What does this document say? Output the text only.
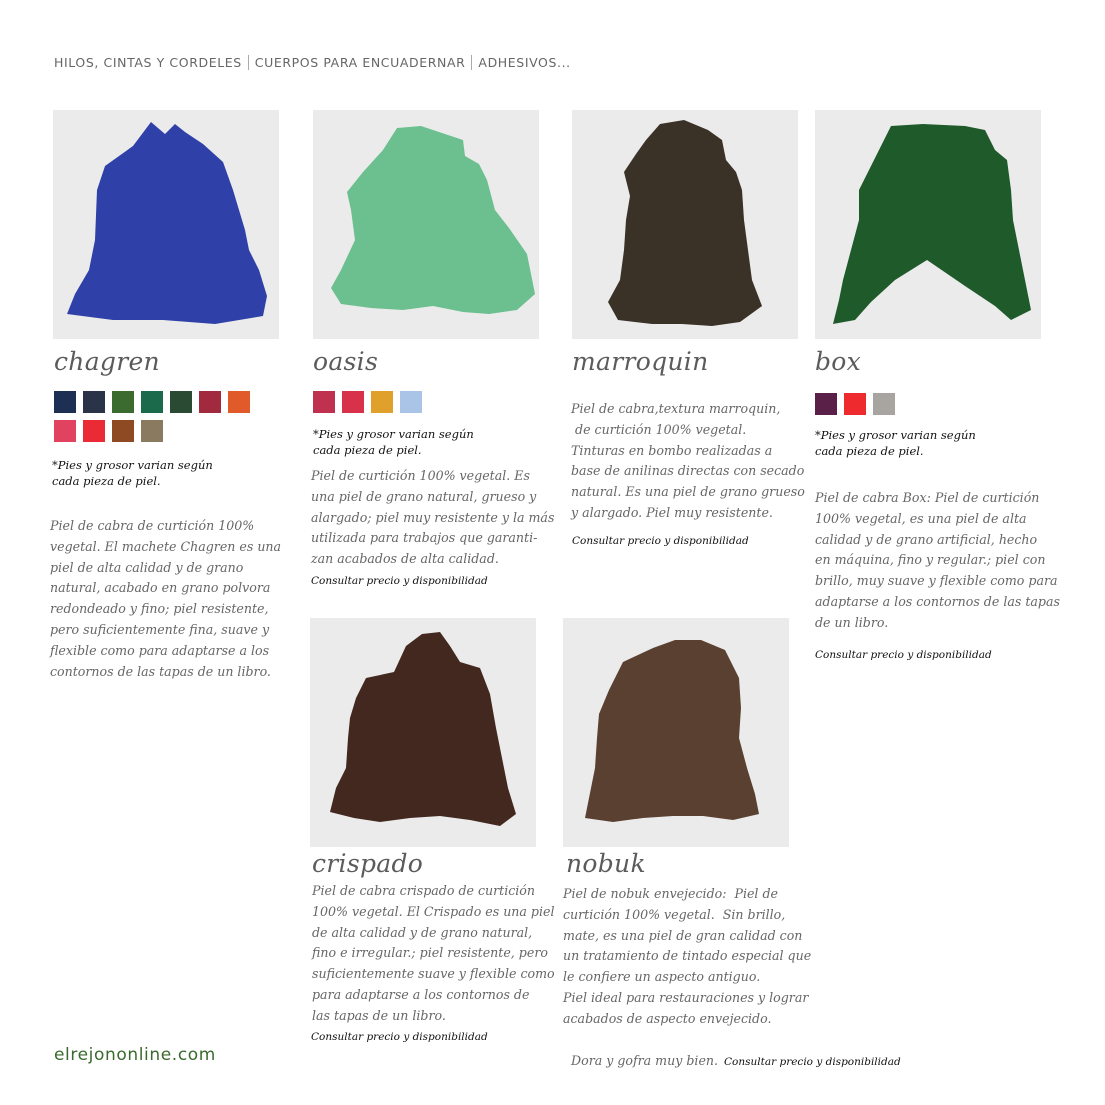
HILOS, CINTAS Y CORDELES CUERPOS PARA ENCUADERNAR ADHESIVOS...
chagren
*Pies y grosor varian según
cada pieza de piel.
Piel de cabra de curtición 100%
vegetal. El machete Chagren es una
piel de alta calidad y de grano
natural, acabado en grano polvora
redondeado y fino; piel resistente,
pero suficientemente fina, suave y
flexible como para adaptarse a los
contornos de las tapas de un libro.
oasis
*Pies y grosor varian según
cada pieza de piel.
Piel de curtición 100% vegetal. Es
una piel de grano natural, grueso y
alargado; piel muy resistente y la más
utilizada para trabajos que garanti-
zan acabados de alta calidad.
Consultar precio y disponibilidad
marroquin
Piel de cabra,textura marroquin,
de curtición 100% vegetal.
Tinturas en bombo realizadas a
base de anilinas directas con secado
natural. Es una piel de grano grueso
y alargado. Piel muy resistente.
Consultar precio y disponibilidad
box
*Pies y grosor varian según
cada pieza de piel.
Piel de cabra Box: Piel de curtición
100% vegetal, es una piel de alta
calidad y de grano artificial, hecho
en máquina, fino y regular.; piel con
brillo, muy suave y flexible como para
adaptarse a los contornos de las tapas
de un libro.
Consultar precio y disponibilidad
crispado
Piel de cabra crispado de curtición
100% vegetal. El Crispado es una piel
de alta calidad y de grano natural,
fino e irregular.; piel resistente, pero
suficientemente suave y flexible como
para adaptarse a los contornos de
las tapas de un libro.
Consultar precio y disponibilidad
nobuk
Piel de nobuk envejecido:  Piel de
curtición 100% vegetal.  Sin brillo,
mate, es una piel de gran calidad con
un tratamiento de tintado especial que
le confiere un aspecto antiguo.
Piel ideal para restauraciones y lograr
acabados de aspecto envejecido.

Dora y gofra muy bien. Consultar precio y disponibilidad

elrejononline.com
